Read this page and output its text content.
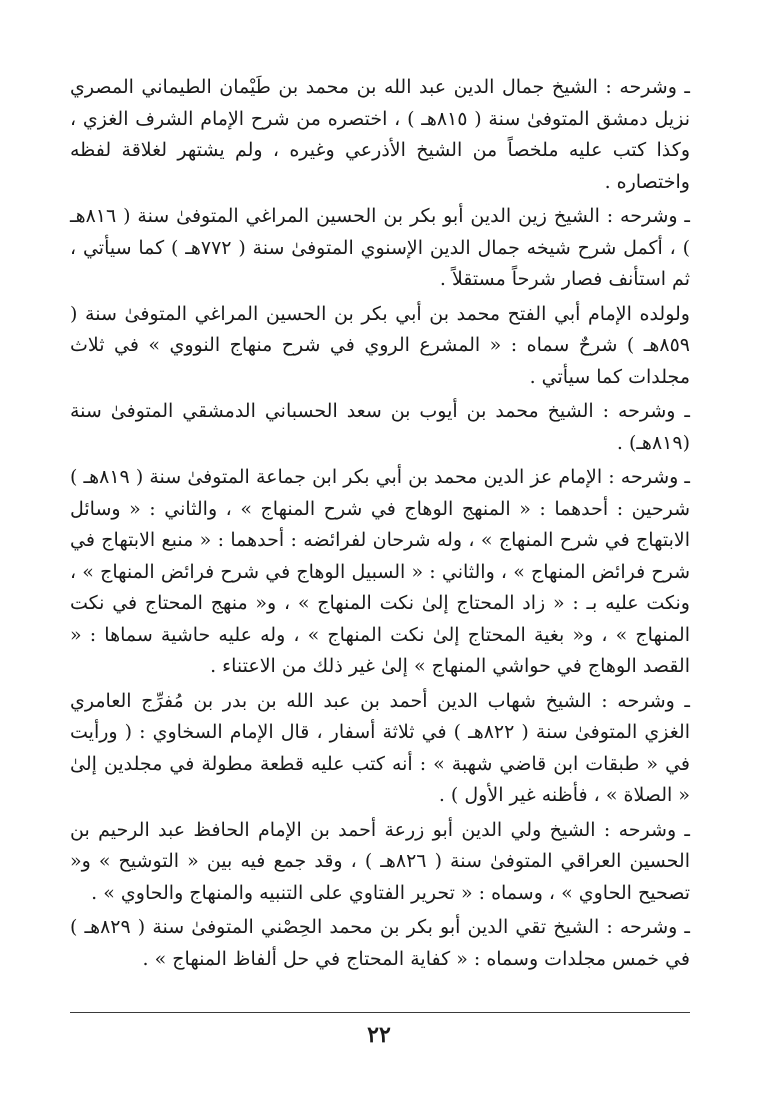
ـ وشرحه : الشيخ جمال الدين عبد الله بن محمد بن طَيْمان الطيماني المصري نزيل دمشق المتوفىٰ سنة ( ٨١٥هـ ) ، اختصره من شرح الإمام الشرف الغزي ، وكذا كتب عليه ملخصاً من الشيخ الأذرعي وغيره ، ولم يشتهر لغلاقة لفظه واختصاره .

ـ وشرحه : الشيخ زين الدين أبو بكر بن الحسين المراغي المتوفىٰ سنة ( ٨١٦هـ ) ، أكمل شرح شيخه جمال الدين الإسنوي المتوفىٰ سنة ( ٧٧٢هـ ) كما سيأتي ، ثم استأنف فصار شرحاً مستقلاً .

ولولده الإمام أبي الفتح محمد بن أبي بكر بن الحسين المراغي المتوفىٰ سنة ( ٨٥٩هـ ) شرحٌ سماه : « المشرع الروي في شرح منهاج النووي » في ثلاث مجلدات كما سيأتي .

ـ وشرحه : الشيخ محمد بن أيوب بن سعد الحسباني الدمشقي المتوفىٰ سنة (٨١٩هـ) .

ـ وشرحه : الإمام عز الدين محمد بن أبي بكر ابن جماعة المتوفىٰ سنة ( ٨١٩هـ ) شرحين : أحدهما : « المنهج الوهاج في شرح المنهاج » ، والثاني : « وسائل الابتهاج في شرح المنهاج » ، وله شرحان لفرائضه : أحدهما : « منبع الابتهاج في شرح فرائض المنهاج » ، والثاني : « السبيل الوهاج في شرح فرائض المنهاج » ، ونكت عليه بـ : « زاد المحتاج إلىٰ نكت المنهاج » ، و« منهج المحتاج في نكت المنهاج » ، و« بغية المحتاج إلىٰ نكت المنهاج » ، وله عليه حاشية سماها : « القصد الوهاج في حواشي المنهاج » إلىٰ غير ذلك من الاعتناء .

ـ وشرحه : الشيخ شهاب الدين أحمد بن عبد الله بن بدر بن مُفرِّج العامري الغزي المتوفىٰ سنة ( ٨٢٢هـ ) في ثلاثة أسفار ، قال الإمام السخاوي : ( ورأيت في « طبقات ابن قاضي شهبة » : أنه كتب عليه قطعة مطولة في مجلدين إلىٰ « الصلاة » ، فأظنه غير الأول ) .

ـ وشرحه : الشيخ ولي الدين أبو زرعة أحمد بن الإمام الحافظ عبد الرحيم بن الحسين العراقي المتوفىٰ سنة ( ٨٢٦هـ ) ، وقد جمع فيه بين « التوشيح » و« تصحيح الحاوي » ، وسماه : « تحرير الفتاوي على التنبيه والمنهاج والحاوي » .

ـ وشرحه : الشيخ تقي الدين أبو بكر بن محمد الحِصْني المتوفىٰ سنة ( ٨٢٩هـ ) في خمس مجلدات وسماه : « كفاية المحتاج في حل ألفاظ المنهاج » .

٢٢
